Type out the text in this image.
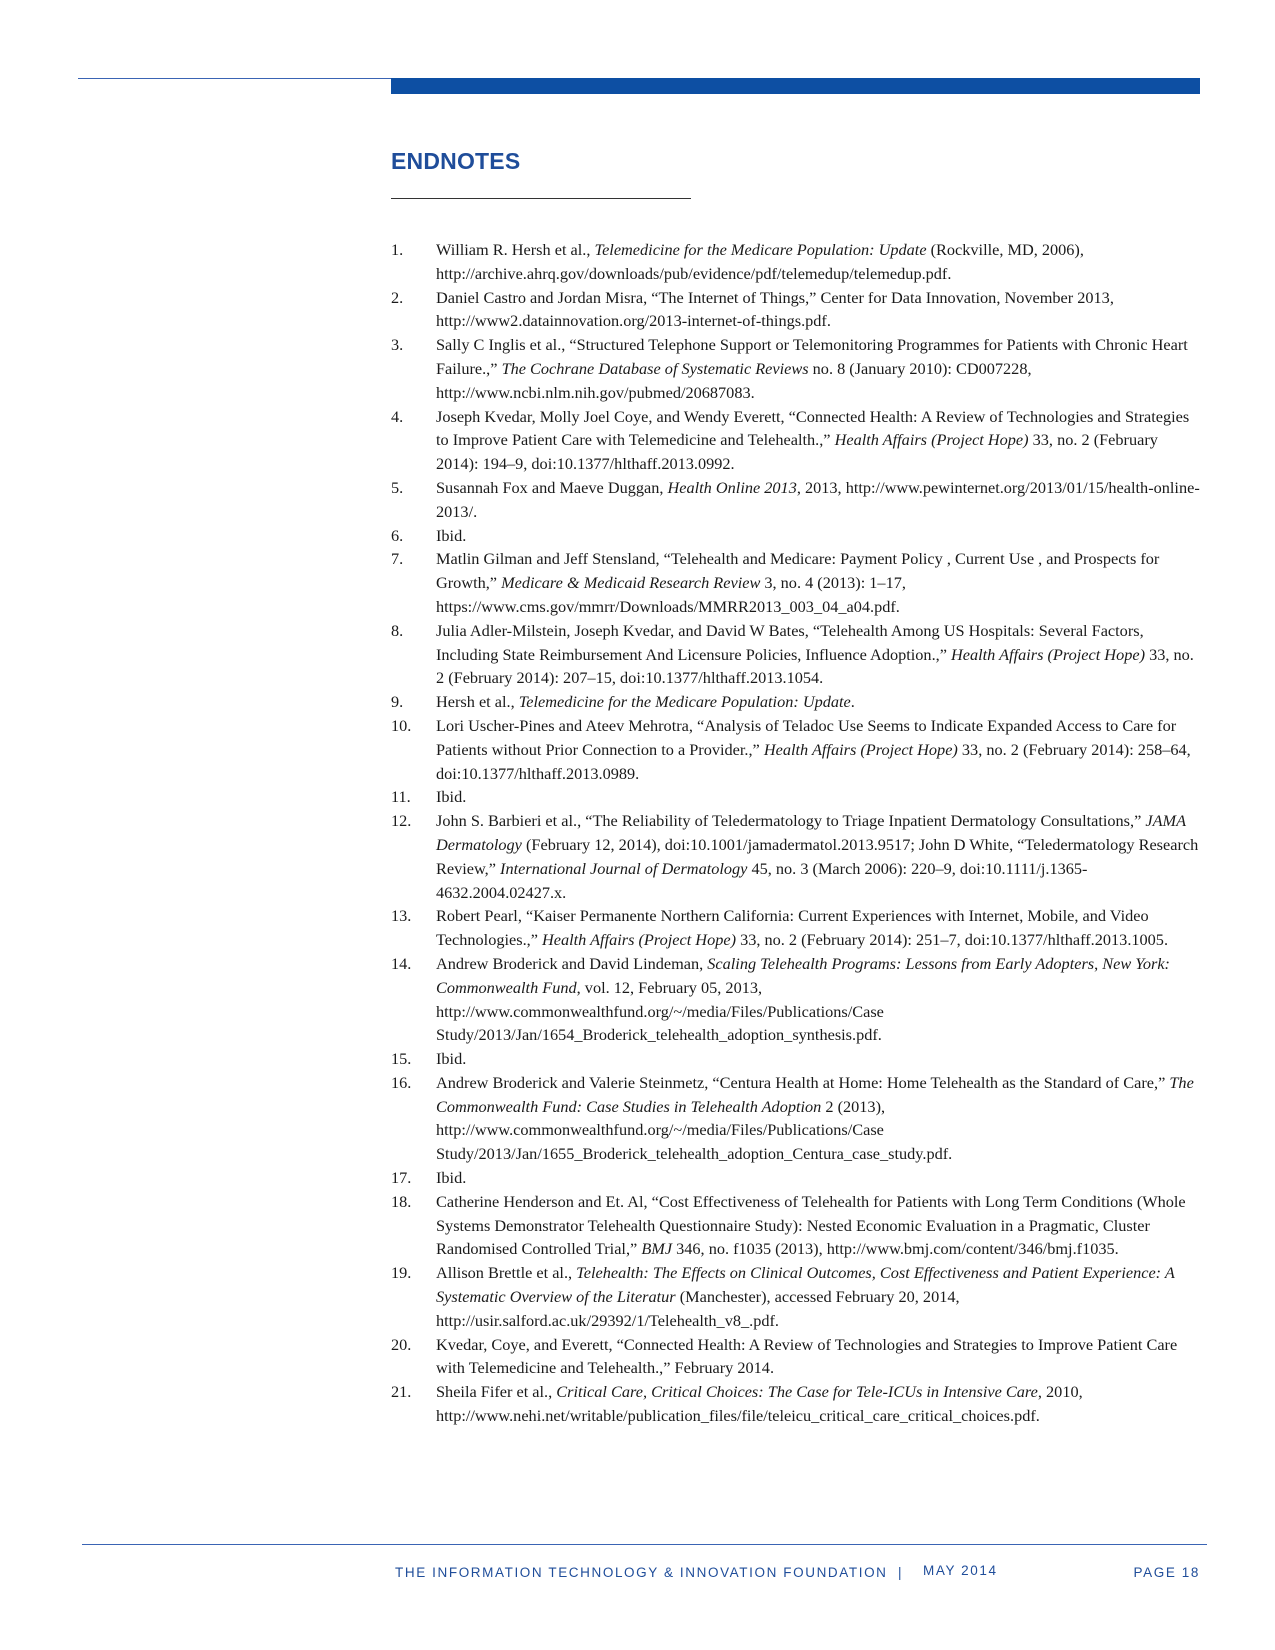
ENDNOTES
1.	William R. Hersh et al., Telemedicine for the Medicare Population: Update (Rockville, MD, 2006), http://archive.ahrq.gov/downloads/pub/evidence/pdf/telemedup/telemedup.pdf.
2.	Daniel Castro and Jordan Misra, “The Internet of Things,” Center for Data Innovation, November 2013, http://www2.datainnovation.org/2013-internet-of-things.pdf.
3.	Sally C Inglis et al., “Structured Telephone Support or Telemonitoring Programmes for Patients with Chronic Heart Failure.,” The Cochrane Database of Systematic Reviews no. 8 (January 2010): CD007228, http://www.ncbi.nlm.nih.gov/pubmed/20687083.
4.	Joseph Kvedar, Molly Joel Coye, and Wendy Everett, “Connected Health: A Review of Technologies and Strategies to Improve Patient Care with Telemedicine and Telehealth.,” Health Affairs (Project Hope) 33, no. 2 (February 2014): 194–9, doi:10.1377/hlthaff.2013.0992.
5.	Susannah Fox and Maeve Duggan, Health Online 2013, 2013, http://www.pewinternet.org/2013/01/15/health-online-2013/.
6.	Ibid.
7.	Matlin Gilman and Jeff Stensland, “Telehealth and Medicare: Payment Policy , Current Use , and Prospects for Growth,” Medicare & Medicaid Research Review 3, no. 4 (2013): 1–17, https://www.cms.gov/mmrr/Downloads/MMRR2013_003_04_a04.pdf.
8.	Julia Adler-Milstein, Joseph Kvedar, and David W Bates, “Telehealth Among US Hospitals: Several Factors, Including State Reimbursement And Licensure Policies, Influence Adoption.,” Health Affairs (Project Hope) 33, no. 2 (February 2014): 207–15, doi:10.1377/hlthaff.2013.1054.
9.	Hersh et al., Telemedicine for the Medicare Population: Update.
10.	Lori Uscher-Pines and Ateev Mehrotra, “Analysis of Teladoc Use Seems to Indicate Expanded Access to Care for Patients without Prior Connection to a Provider.,” Health Affairs (Project Hope) 33, no. 2 (February 2014): 258–64, doi:10.1377/hlthaff.2013.0989.
11.	Ibid.
12.	John S. Barbieri et al., “The Reliability of Teledermatology to Triage Inpatient Dermatology Consultations,” JAMA Dermatology (February 12, 2014), doi:10.1001/jamadermatol.2013.9517; John D White, “Teledermatology Research Review,” International Journal of Dermatology 45, no. 3 (March 2006): 220–9, doi:10.1111/j.1365-4632.2004.02427.x.
13.	Robert Pearl, “Kaiser Permanente Northern California: Current Experiences with Internet, Mobile, and Video Technologies.,” Health Affairs (Project Hope) 33, no. 2 (February 2014): 251–7, doi:10.1377/hlthaff.2013.1005.
14.	Andrew Broderick and David Lindeman, Scaling Telehealth Programs: Lessons from Early Adopters, New York: Commonwealth Fund, vol. 12, February 05, 2013, http://www.commonwealthfund.org/~/media/Files/Publications/Case Study/2013/Jan/1654_Broderick_telehealth_adoption_synthesis.pdf.
15.	Ibid.
16.	Andrew Broderick and Valerie Steinmetz, “Centura Health at Home: Home Telehealth as the Standard of Care,” The Commonwealth Fund: Case Studies in Telehealth Adoption 2 (2013), http://www.commonwealthfund.org/~/media/Files/Publications/Case Study/2013/Jan/1655_Broderick_telehealth_adoption_Centura_case_study.pdf.
17.	Ibid.
18.	Catherine Henderson and Et. Al, “Cost Effectiveness of Telehealth for Patients with Long Term Conditions (Whole Systems Demonstrator Telehealth Questionnaire Study): Nested Economic Evaluation in a Pragmatic, Cluster Randomised Controlled Trial,” BMJ 346, no. f1035 (2013), http://www.bmj.com/content/346/bmj.f1035.
19.	Allison Brettle et al., Telehealth: The Effects on Clinical Outcomes, Cost Effectiveness and Patient Experience: A Systematic Overview of the Literatur (Manchester), accessed February 20, 2014, http://usir.salford.ac.uk/29392/1/Telehealth_v8_.pdf.
20.	Kvedar, Coye, and Everett, “Connected Health: A Review of Technologies and Strategies to Improve Patient Care with Telemedicine and Telehealth.,” February 2014.
21.	Sheila Fifer et al., Critical Care, Critical Choices: The Case for Tele-ICUs in Intensive Care, 2010, http://www.nehi.net/writable/publication_files/file/teleicu_critical_care_critical_choices.pdf.
THE INFORMATION TECHNOLOGY & INNOVATION FOUNDATION | MAY 2014	PAGE 18
